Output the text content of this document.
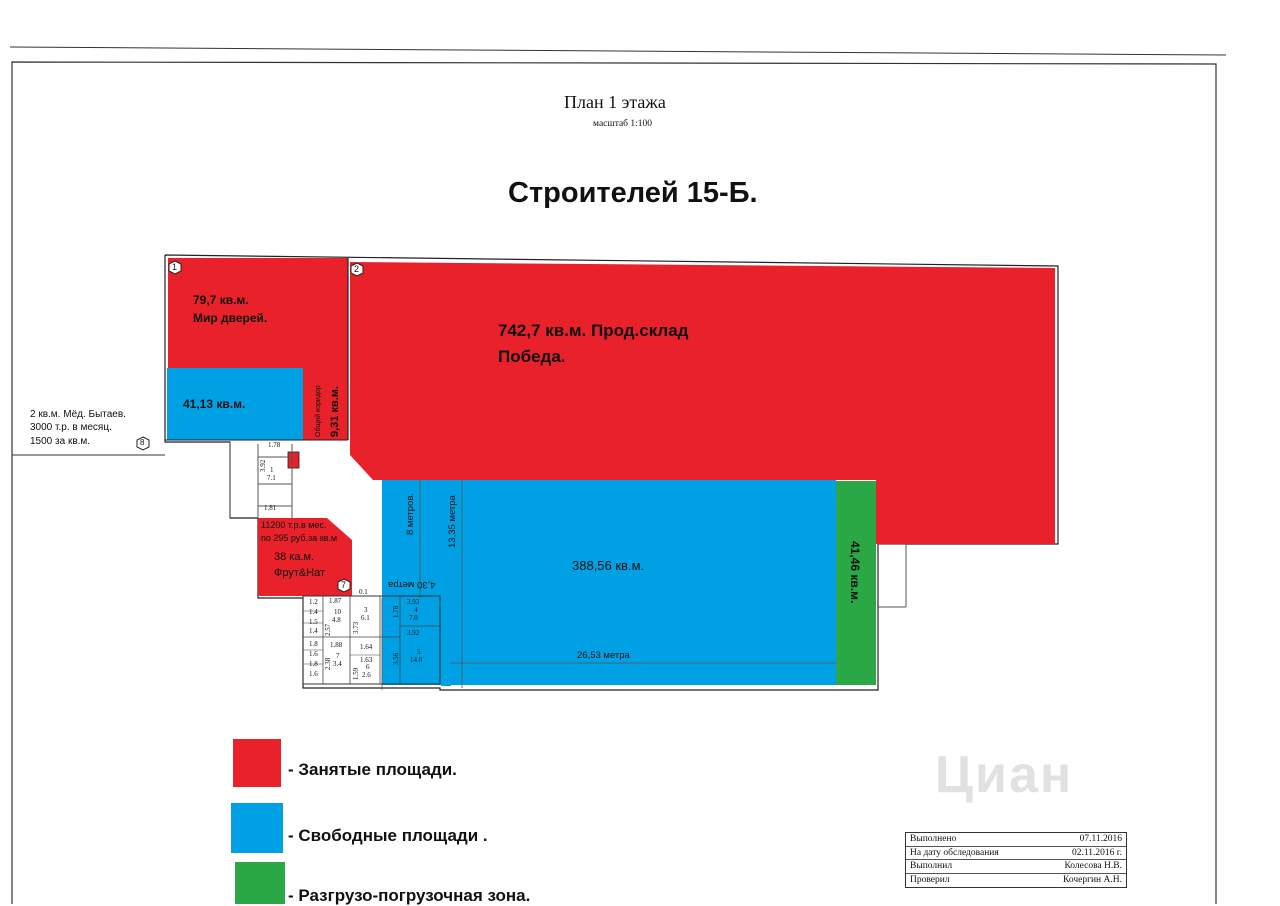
План 1 этажа
масштаб 1:100
Строителей 15-Б.
1	2
7
8
79,7 кв.м.
Мир дверей.
742,7 кв.м. Прод.склад
Победа.
41,13 кв.м.	9,31 кв.м.
Общий коридор
388,56 кв.м.
8 метров.	13,35 метра
4,30 метра
26,53 метра
41,46 кв.м.
11200 т.р.в мес.
по 295 руб.за кв.м
38 ка.м.
Фрут&Нат
2 кв.м. Мёд. Бытаев.
3000 т.р. в месяц.
1500 за кв.м.	1.78
3.92 1
7.1
1.81
1.87
10
4.8
2.57
3
6.1
3.73
1.78
3.93
4
7.0
3.92
1.88
7
3.4
1.64
1.63
6
2.6
3.56
5
14.0
2.38
1.59
1.2
1.4
1.5
1.4
1.8
1.6
1.8
1.6
0.1
- Занятые площади.
- Свободные площади .
- Разгрузо-погрузочная зона.
Циан
Выполнено	07.11.2016
На дату обследования	02.11.2016 г.
Выполнил	Колесова Н.В.
Проверил	Кочергин А.Н.
